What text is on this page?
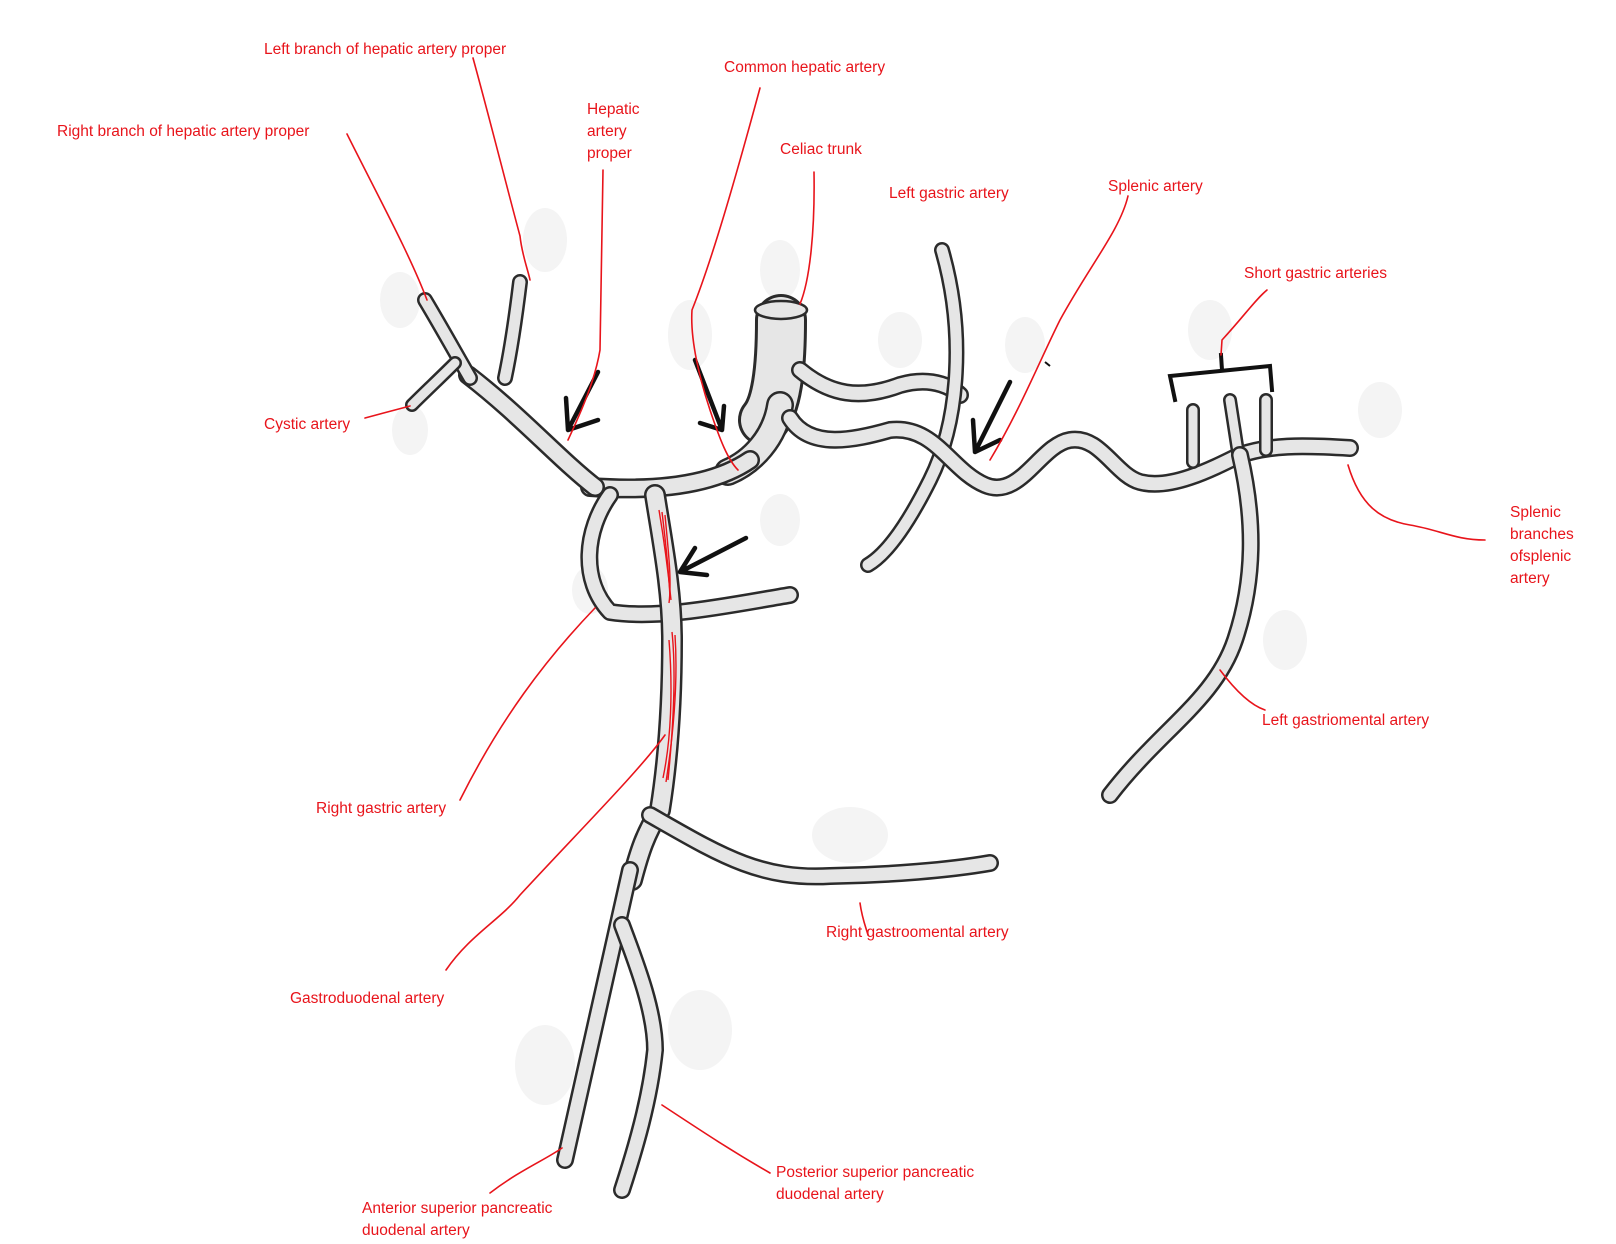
Left branch of hepatic artery proper
Right branch of hepatic artery proper
Hepatic artery proper
Common hepatic artery
Celiac trunk
Left gastric artery	Splenic artery
Short gastric arteries
Cystic artery
Splenic branches ofsplenic artery
Left gastriomental artery
Right gastric artery
Right gastroomental artery
Gastroduodenal artery
Posterior superior pancreatic duodenal artery
Anterior superior pancreatic duodenal artery
